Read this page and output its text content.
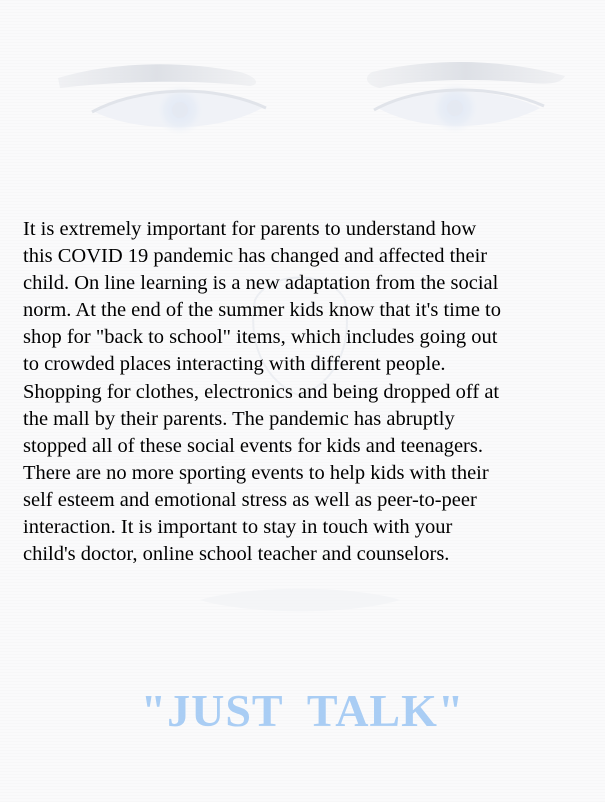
It is extremely important for parents to understand how
this COVID 19 pandemic has changed and affected their
child. On line learning is a new adaptation from the social
norm. At the end of the summer kids know that it's time to
shop for "back to school" items, which includes going out
to crowded places interacting with different people.
Shopping for clothes, electronics and being dropped off at
the mall by their parents. The pandemic has abruptly
stopped all of these social events for kids and teenagers.
There are no more sporting events to help kids with their
self esteem and emotional stress as well as peer-to-peer
interaction. It is important to stay in touch with your
child's doctor, online school teacher and counselors.

"JUST  TALK"
